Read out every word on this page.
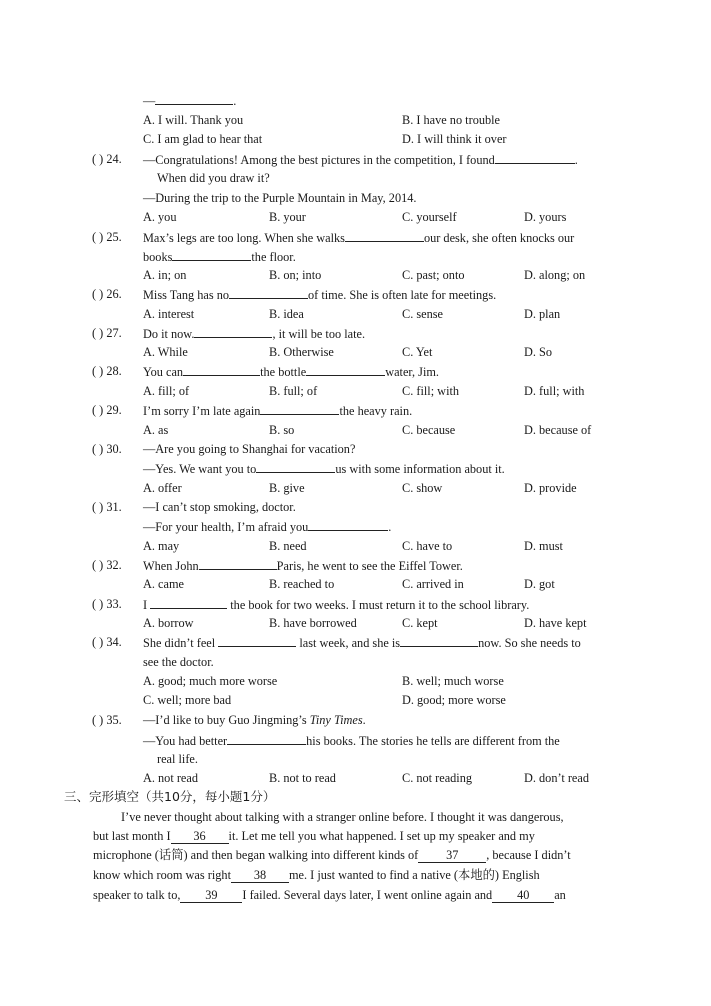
—	.
A. I will. Thank you	B. I have no trouble
C. I am glad to hear that	D. I will think it over
( ) 24. —Congratulations! Among the best pictures in the competition, I found	.
When did you draw it?
—During the trip to the Purple Mountain in May, 2014.
A. you	B. your	C. yourself	D. yours
( ) 25. Max’s legs are too long. When she walks	our desk, she often knocks our
books	the floor.
A. in; on	B. on; into	C. past; onto	D. along; on
( ) 26. Miss Tang has no	of time. She is often late for meetings.
A. interest	B. idea	C. sense	D. plan
( ) 27. Do it now.	, it will be too late.
A. While	B. Otherwise	C. Yet	D. So
( ) 28. You can	the bottle	water, Jim.
A. fill; of	B. full; of	C. fill; with	D. full; with
( ) 29. I’m sorry I’m late again	the heavy rain.
A. as	B. so	C. because	D. because of
( ) 30. —Are you going to Shanghai for vacation?
—Yes. We want you to	us with some information about it.
A. offer	B. give	C. show	D. provide
( ) 31. —I can’t stop smoking, doctor.
—For your health, I’m afraid you	.
A. may	B. need	C. have to	D. must
( ) 32. When John	Paris, he went to see the Eiffel Tower.
A. came	B. reached to	C. arrived in	D. got
( ) 33. I	the book for two weeks. I must return it to the school library.
A. borrow	B. have borrowed	C. kept	D. have kept
( ) 34. She didn’t feel	last week, and she is	now. So she needs to
see the doctor.
A. good; much more worse	B. well; much worse
C. well; more bad	D. good; more worse
( ) 35. —I’d like to buy Guo Jingming’s Tiny Times.
—You had better	his books. The stories he tells are different from the
real life.
A. not read	B. not to read	C. not reading	D. don’t read
三、完形填空（共10分，每小题1分）
I’ve never thought about talking with a stranger online before. I thought it was dangerous,
but last month I 36 it. Let me tell you what happened. I set up my speaker and my
microphone (话筒) and then began walking into different kinds of 37 , because I didn’t
know which room was right 38 me. I just wanted to find a native (本地的) English
speaker to talk to, 39 I failed. Several days later, I went online again and 40 an
